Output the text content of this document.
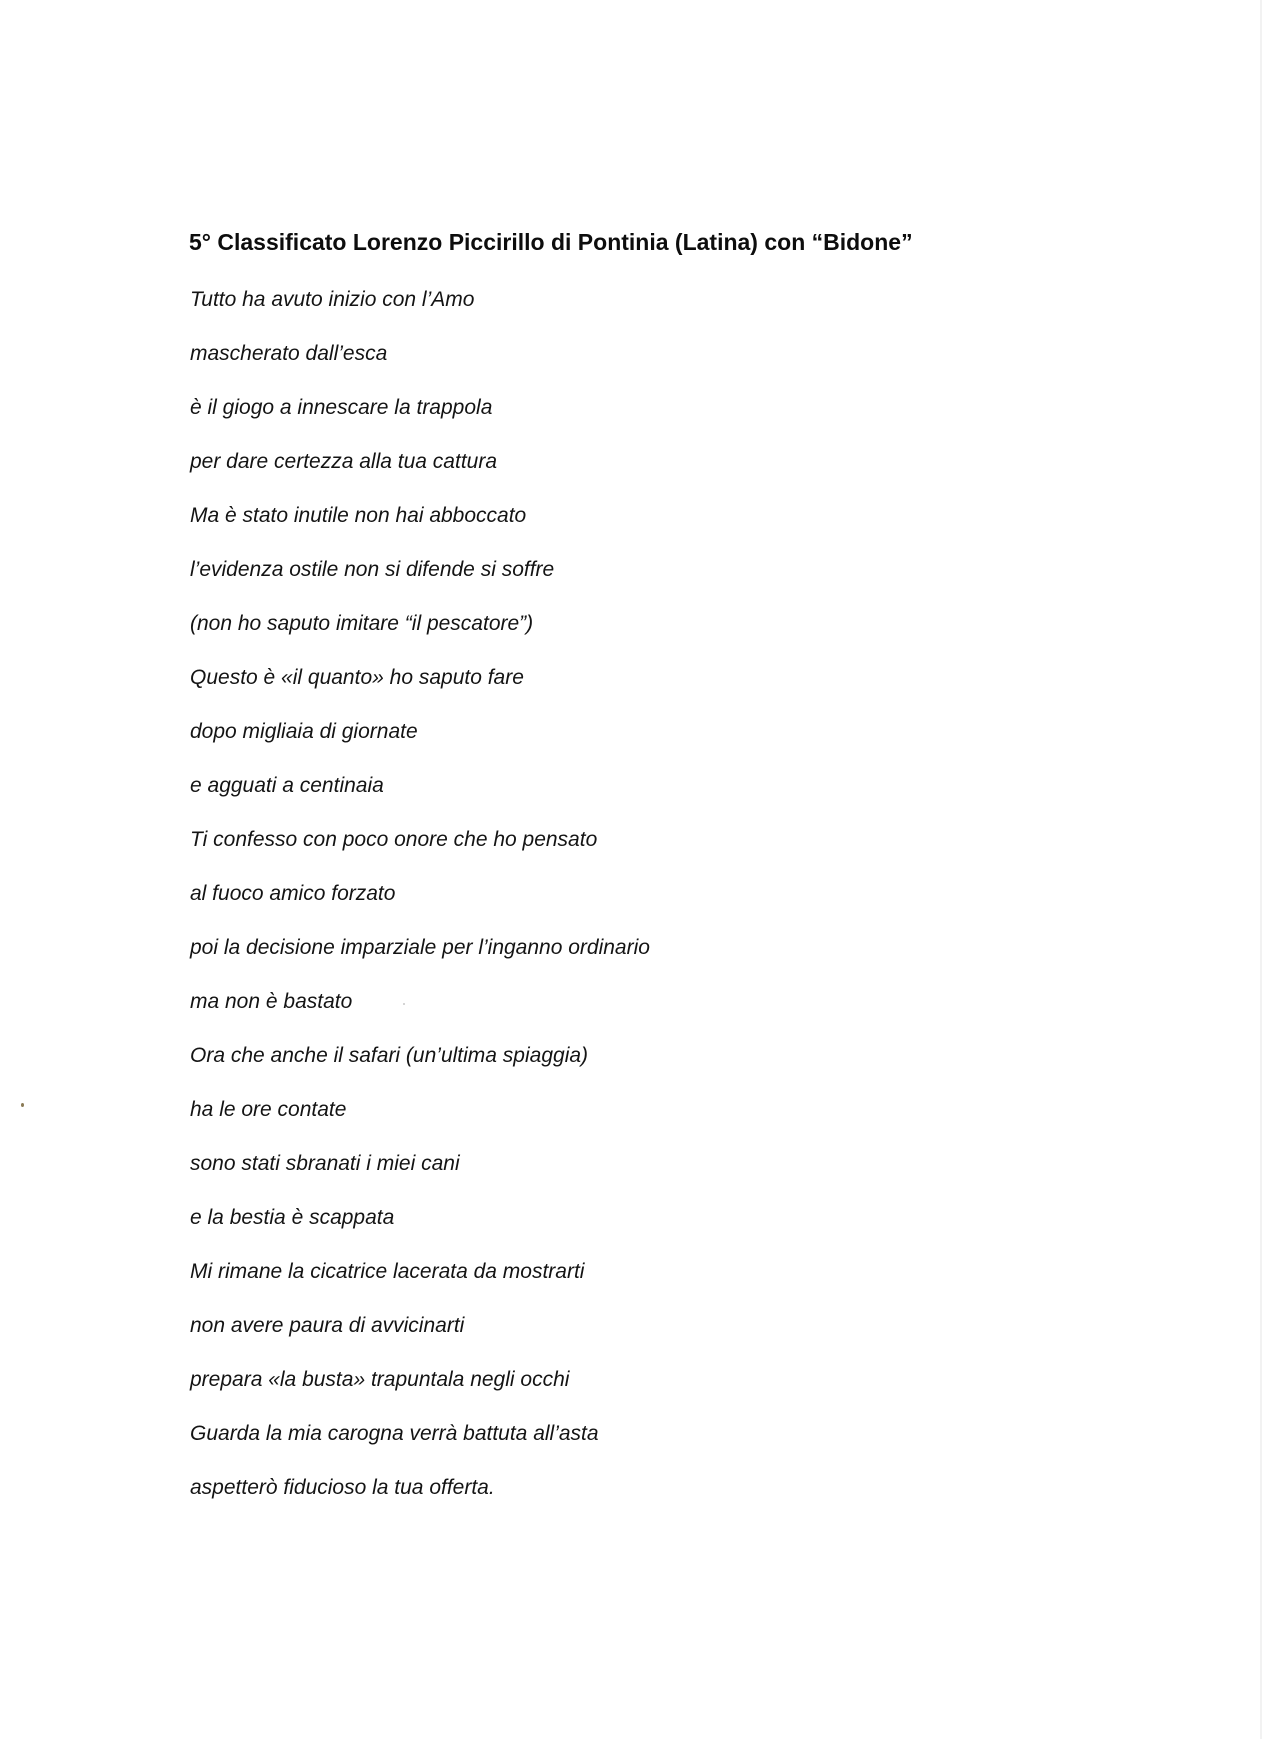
5° Classificato Lorenzo Piccirillo di Pontinia (Latina) con “Bidone”
Tutto ha avuto inizio con l’Amo
mascherato dall’esca
è il giogo a innescare la trappola
per dare certezza alla tua cattura
Ma è stato inutile non hai abboccato
l’evidenza ostile non si difende si soffre
(non ho saputo imitare “il pescatore”)
Questo è «il quanto» ho saputo fare
dopo migliaia di giornate
e agguati a centinaia
Ti confesso con poco onore che ho pensato
al fuoco amico forzato
poi la decisione imparziale per l’inganno ordinario
ma non è bastato
Ora che anche il safari (un’ultima spiaggia)
ha le ore contate
sono stati sbranati i miei cani
e la bestia è scappata
Mi rimane la cicatrice lacerata da mostrarti
non avere paura di avvicinarti
prepara «la busta» trapuntala negli occhi
Guarda la mia carogna verrà battuta all’asta
aspetterò fiducioso la tua offerta.
